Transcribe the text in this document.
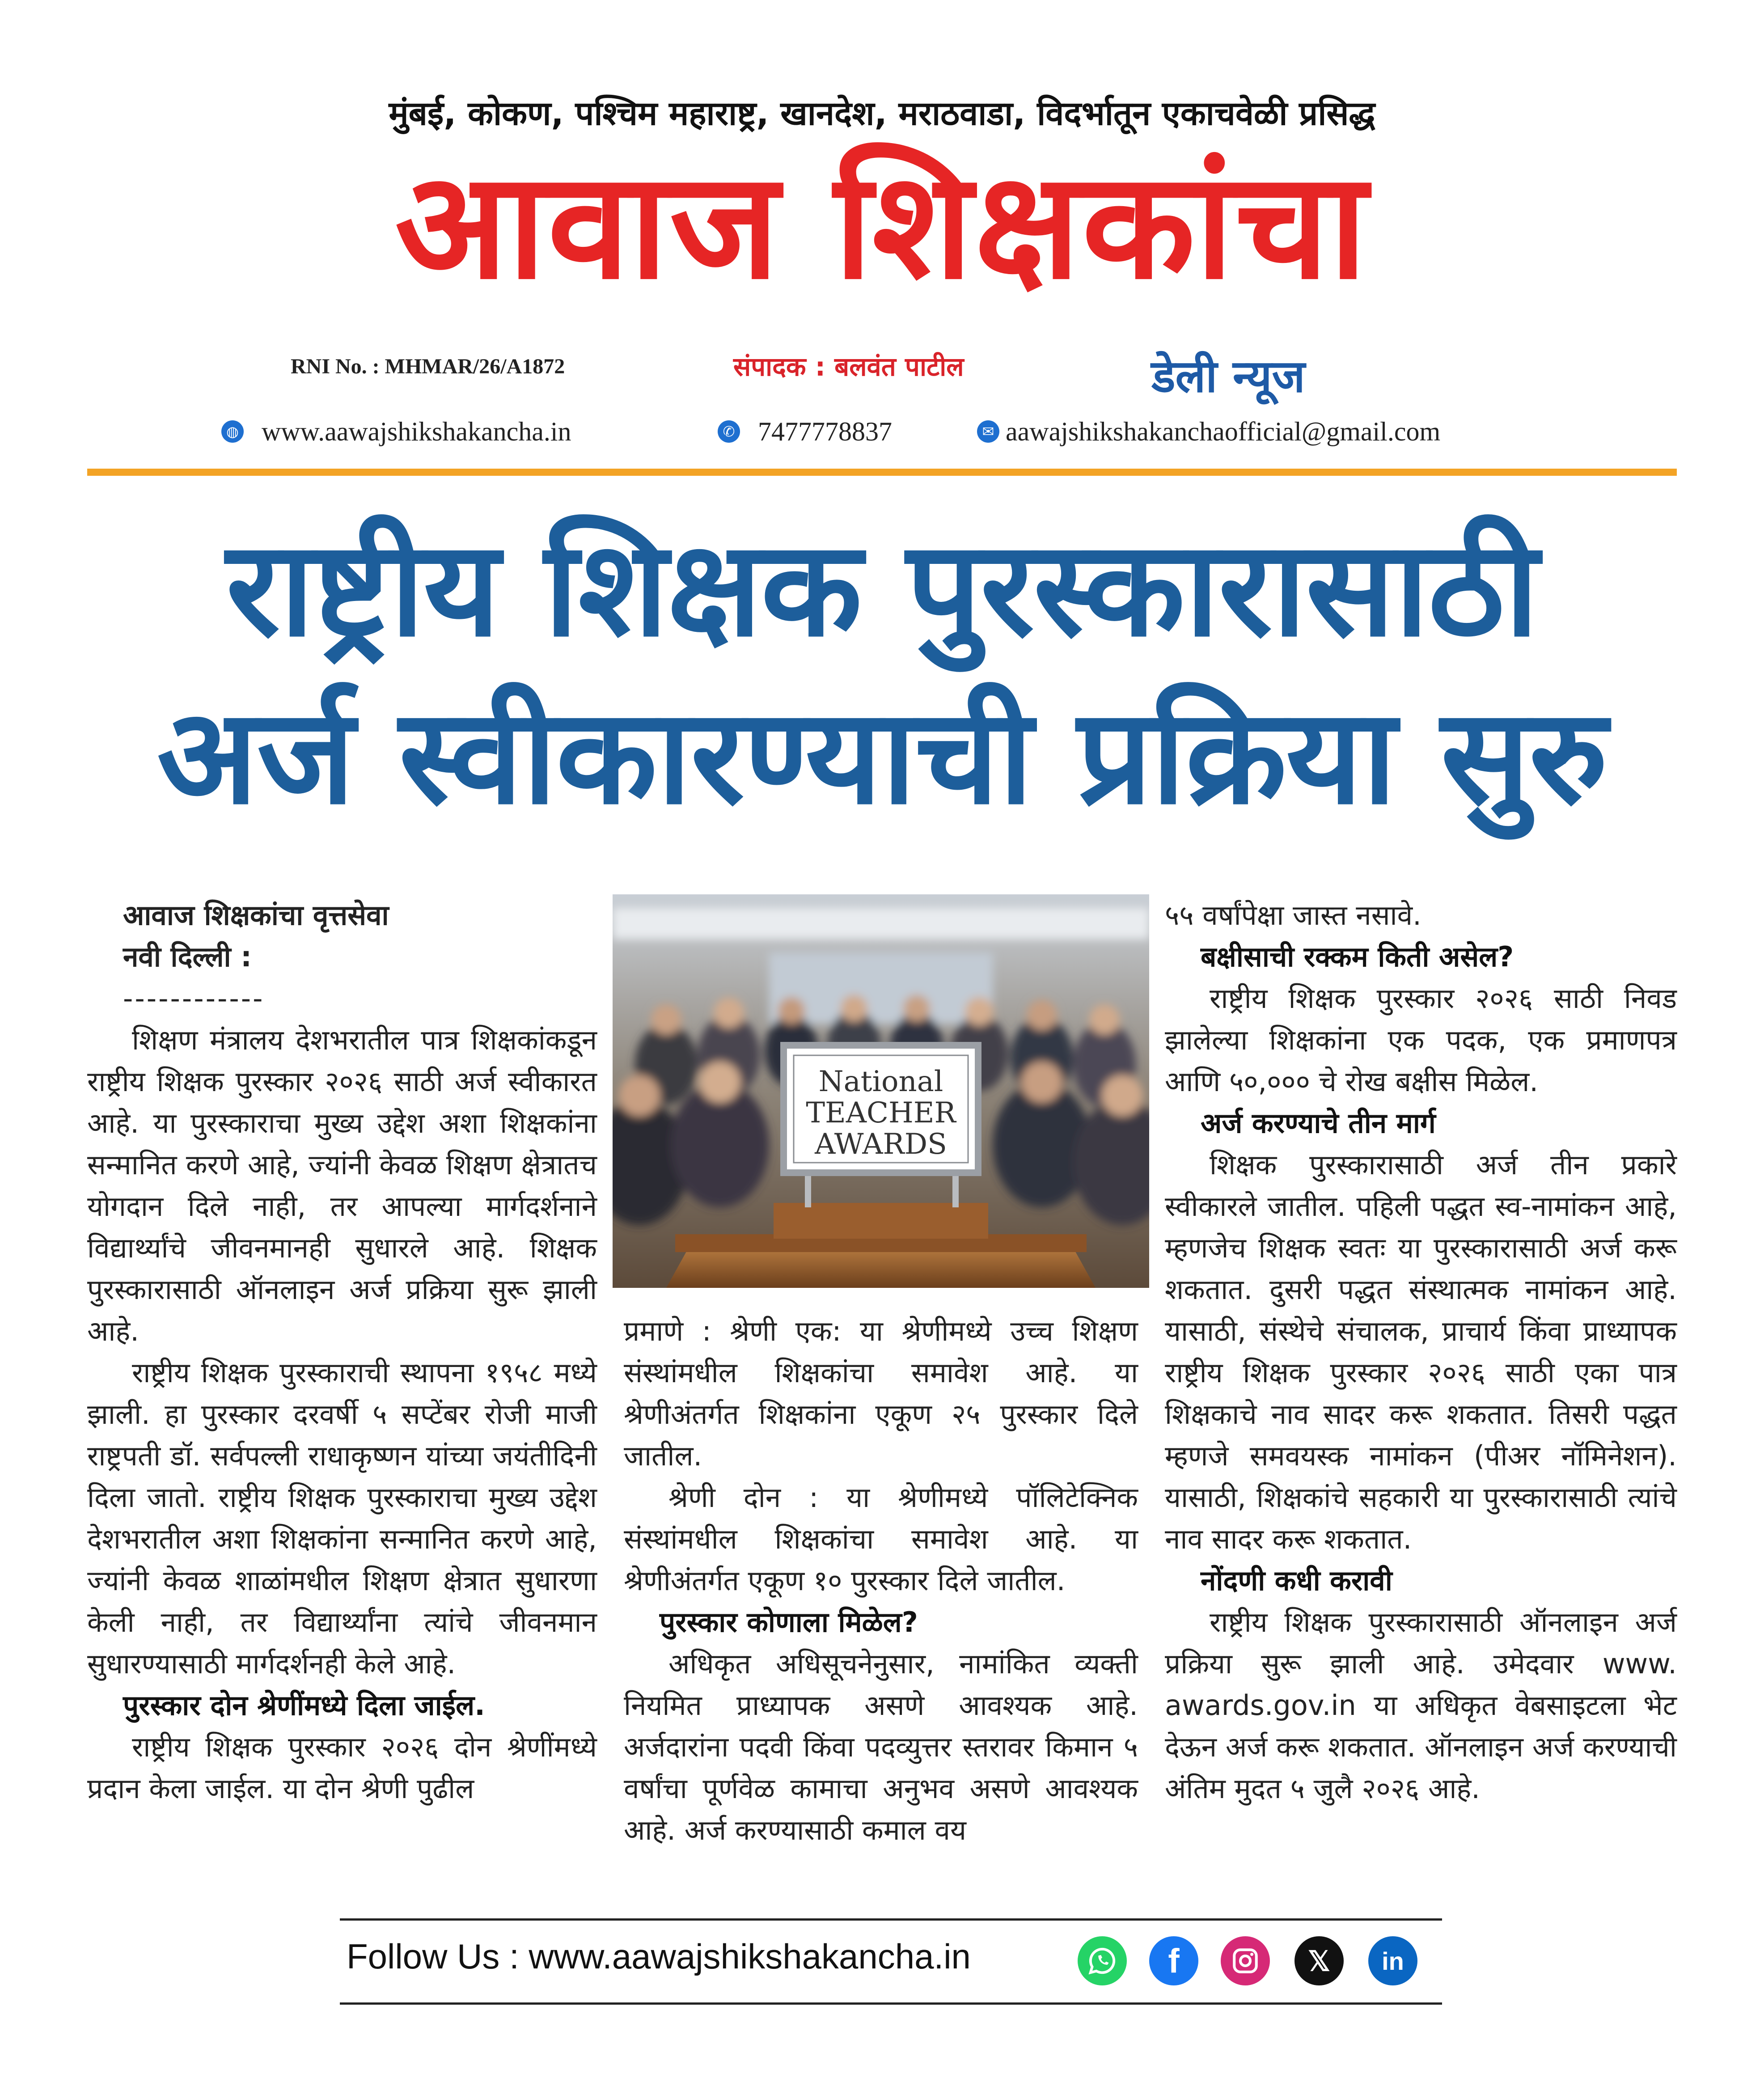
मुंबई, कोकण, पश्चिम महाराष्ट्र, खानदेश, मराठवाडा, विदर्भातून एकाचवेळी प्रसिद्ध
आवाज शिक्षकांचा
RNI No. : MHMAR/26/A1872	संपादक : बलवंत पाटील	डेली न्यूज
◍ www.aawajshikshakancha.in	✆ 7477778837	✉ aawajshikshakanchaofficial@gmail.com
राष्ट्रीय शिक्षक पुरस्कारासाठी
अर्ज स्वीकारण्याची प्रक्रिया सुरु

आवाज शिक्षकांचा वृत्तसेवा

नवी दिल्ली :

------------

शिक्षण मंत्रालय देशभरातील पात्र शिक्षकांकडून राष्ट्रीय शिक्षक पुरस्कार २०२६ साठी अर्ज स्वीकारत आहे. या पुरस्काराचा मुख्य उद्देश अशा शिक्षकांना सन्मानित करणे आहे, ज्यांनी केवळ शिक्षण क्षेत्रातच योगदान दिले नाही, तर आपल्या मार्गदर्शनाने विद्यार्थ्यांचे जीवनमानही सुधारले आहे. शिक्षक पुरस्कारासाठी ऑनलाइन अर्ज प्रक्रिया सुरू झाली आहे.

राष्ट्रीय शिक्षक पुरस्काराची स्थापना १९५८ मध्ये झाली. हा पुरस्कार दरवर्षी ५ सप्टेंबर रोजी माजी राष्ट्रपती डॉ. सर्वपल्ली राधाकृष्णन यांच्या जयंतीदिनी दिला जातो. राष्ट्रीय शिक्षक पुरस्काराचा मुख्य उद्देश देशभरातील अशा शिक्षकांना सन्मानित करणे आहे, ज्यांनी केवळ शाळांमधील शिक्षण क्षेत्रात सुधारणा केली नाही, तर विद्यार्थ्यांना त्यांचे जीवनमान सुधारण्यासाठी मार्गदर्शनही केले आहे.

पुरस्कार दोन श्रेणींमध्ये दिला जाईल.

राष्ट्रीय शिक्षक पुरस्कार २०२६ दोन श्रेणींमध्ये प्रदान केला जाईल. या दोन श्रेणी पुढील

National
TEACHER
AWARDS

प्रमाणे : श्रेणी एक: या श्रेणीमध्ये उच्च शिक्षण संस्थांमधील शिक्षकांचा समावेश आहे. या श्रेणीअंतर्गत शिक्षकांना एकूण २५ पुरस्कार दिले जातील.

श्रेणी दोन : या श्रेणीमध्ये पॉलिटेक्निक संस्थांमधील शिक्षकांचा समावेश आहे. या श्रेणीअंतर्गत एकूण १० पुरस्कार दिले जातील.

पुरस्कार कोणाला मिळेल?

अधिकृत अधिसूचनेनुसार, नामांकित व्यक्ती नियमित प्राध्यापक असणे आवश्यक आहे. अर्जदारांना पदवी किंवा पदव्युत्तर स्तरावर किमान ५ वर्षांचा पूर्णवेळ कामाचा अनुभव असणे आवश्यक आहे. अर्ज करण्यासाठी कमाल वय

५५ वर्षांपेक्षा जास्त नसावे.

बक्षीसाची रक्कम किती असेल?

राष्ट्रीय शिक्षक पुरस्कार २०२६ साठी निवड झालेल्या शिक्षकांना एक पदक, एक प्रमाणपत्र आणि ५०,००० चे रोख बक्षीस मिळेल.

अर्ज करण्याचे तीन मार्ग

शिक्षक पुरस्कारासाठी अर्ज तीन प्रकारे स्वीकारले जातील. पहिली पद्धत स्व-नामांकन आहे, म्हणजेच शिक्षक स्वतः या पुरस्कारासाठी अर्ज करू शकतात. दुसरी पद्धत संस्थात्मक नामांकन आहे. यासाठी, संस्थेचे संचालक, प्राचार्य किंवा प्राध्यापक राष्ट्रीय शिक्षक पुरस्कार २०२६ साठी एका पात्र शिक्षकाचे नाव सादर करू शकतात. तिसरी पद्धत म्हणजे समवयस्क नामांकन (पीअर नॉमिनेशन). यासाठी, शिक्षकांचे सहकारी या पुरस्कारासाठी त्यांचे नाव सादर करू शकतात.

नोंदणी कधी करावी

राष्ट्रीय शिक्षक पुरस्कारासाठी ऑनलाइन अर्ज प्रक्रिया सुरू झाली आहे. उमेदवार www. awards.gov.in या अधिकृत वेबसाइटला भेट देऊन अर्ज करू शकतात. ऑनलाइन अर्ज करण्याची अंतिम मुदत ५ जुलै २०२६ आहे.

Follow Us : www.aawajshikshakancha.in	f	𝕏	in
